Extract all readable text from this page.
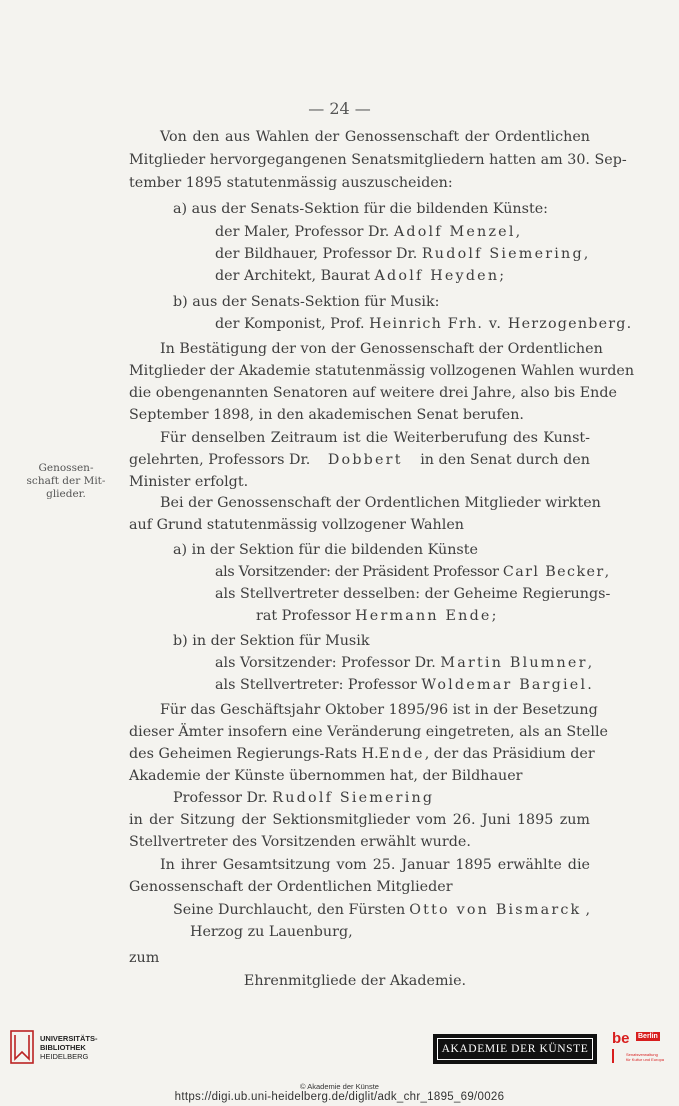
— 24 —
Genossen-
schaft der Mit-
glieder.
Von den aus Wahlen der Genossenschaft der Ordentlichen
Mitglieder hervorgegangenen Senatsmitgliedern hatten am 30. Sep-
tember 1895 statutenmässig auszuscheiden:
a) aus der Senats-Sektion für die bildenden Künste:
der Maler, Professor Dr. Adolf Menzel,
der Bildhauer, Professor Dr. Rudolf Siemering,
der Architekt, Baurat Adolf Heyden;
b) aus der Senats-Sektion für Musik:
der Komponist, Prof. Heinrich Frh. v. Herzogenberg.
In Bestätigung der von der Genossenschaft der Ordentlichen
Mitglieder der Akademie statutenmässig vollzogenen Wahlen wurden
die obengenannten Senatoren auf weitere drei Jahre, also bis Ende
September 1898, in den akademischen Senat berufen.
Für denselben Zeitraum ist die Weiterberufung des Kunst-
gelehrten, Professors Dr. Dobbert in den Senat durch den
Minister erfolgt.
Bei der Genossenschaft der Ordentlichen Mitglieder wirkten
auf Grund statutenmässig vollzogener Wahlen
a) in der Sektion für die bildenden Künste
als Vorsitzender: der Präsident Professor Carl Becker,
als Stellvertreter desselben: der Geheime Regierungs-
rat Professor Hermann Ende;
b) in der Sektion für Musik
als Vorsitzender: Professor Dr. Martin Blumner,
als Stellvertreter: Professor Woldemar Bargiel.
Für das Geschäftsjahr Oktober 1895/96 ist in der Besetzung
dieser Ämter insofern eine Veränderung eingetreten, als an Stelle
des Geheimen Regierungs-Rats H. Ende , der das Präsidium der
Akademie der Künste übernommen hat, der Bildhauer
Professor Dr. Rudolf Siemering
in der Sitzung der Sektionsmitglieder vom 26. Juni 1895 zum
Stellvertreter des Vorsitzenden erwählt wurde.
In ihrer Gesamtsitzung vom 25. Januar 1895 erwählte die
Genossenschaft der Ordentlichen Mitglieder
Seine Durchlaucht, den Fürsten Otto von Bismarck ,
Herzog zu Lauenburg,
zum
Ehrenmitgliede der Akademie.
UNIVERSITÄTS-
BIBLIOTHEK
HEIDELBERG
AKADEMIE DER KÜNSTE
be Berlin
Senatsverwaltung
für Kultur und Europa
© Akademie der Künste
https://digi.ub.uni-heidelberg.de/diglit/adk_chr_1895_69/0026
